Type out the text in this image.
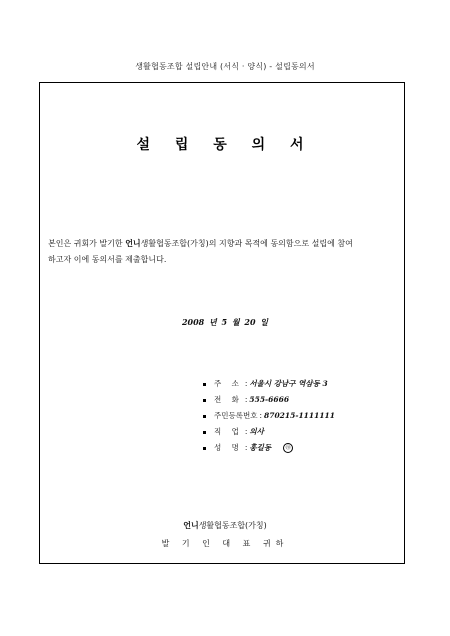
생활협동조합 설립안내 (서식 · 양식) - 설립동의서
설 립 동 의 서
본인은 귀회가 발기한 언니생활협동조합(가칭)의 지향과 목적에 동의함으로 설립에 참여
하고자 이에 동의서를 제출합니다.
2008 년 5 월 20 일
주 소 : 서울시 강남구 역삼동 3
전 화 : 555-6666
주민등록번호 : 870215-1111111
직 업 : 의사
성 명 : 홍길동	㊞
언니생활협동조합(가칭)
발 기 인 대 표 귀하
